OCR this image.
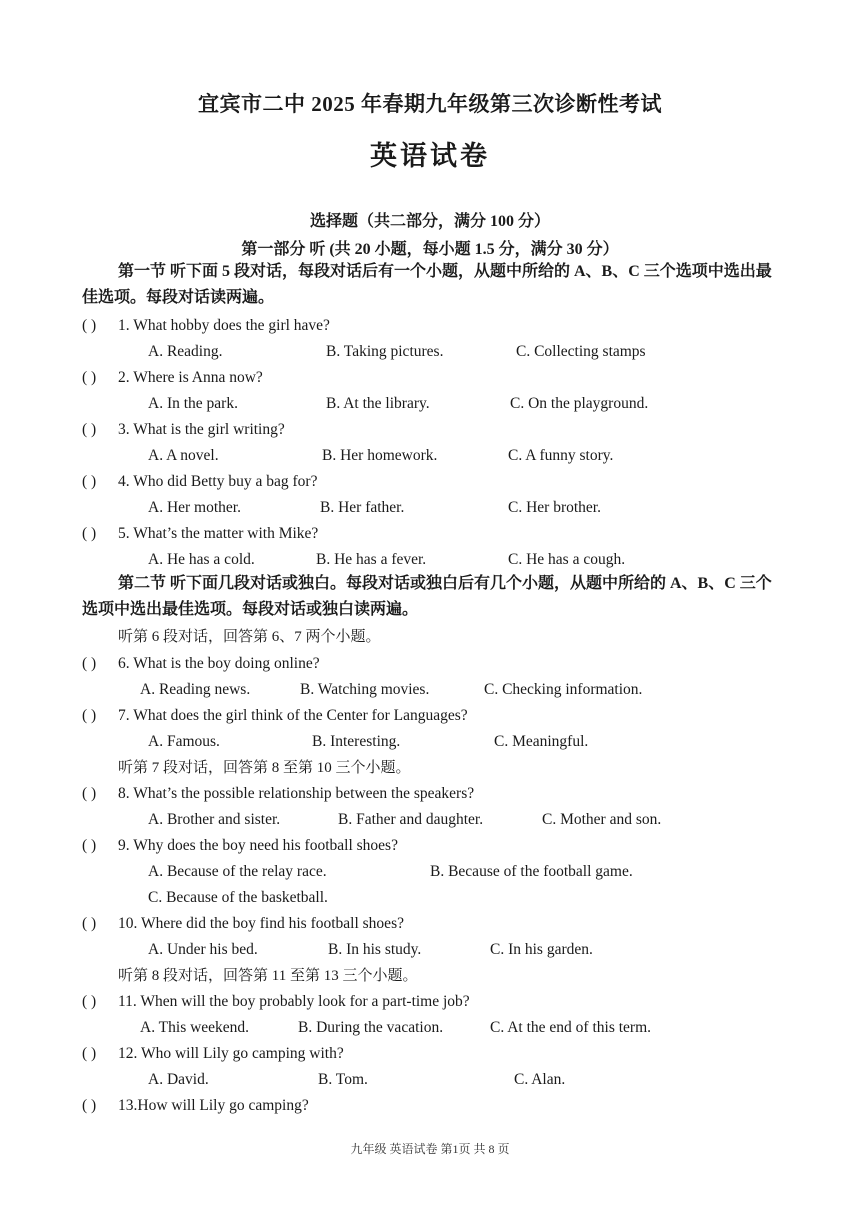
宜宾市二中 2025 年春期九年级第三次诊断性考试
英语试卷
选择题（共二部分，满分 100 分）
第一部分 听 (共 20 小题，每小题 1.5 分，满分 30 分）
第一节 听下面 5 段对话，每段对话后有一个小题，从题中所给的 A、B、C 三个选项中选出最佳选项。每段对话读两遍。
( ) 1. What hobby does the girl have?
A. Reading.	B. Taking pictures.	C. Collecting stamps
( ) 2. Where is Anna now?
A. In the park.	B. At the library.	C. On the playground.
( ) 3. What is the girl writing?
A. A novel.	B. Her homework.	C. A funny story.
( ) 4. Who did Betty buy a bag for?
A. Her mother.	B. Her father.	C. Her brother.
( ) 5. What’s the matter with Mike?
A. He has a cold.	B. He has a fever.	C. He has a cough.
第二节 听下面几段对话或独白。每段对话或独白后有几个小题，从题中所给的 A、B、C 三个选项中选出最佳选项。每段对话或独白读两遍。
听第 6 段对话，回答第 6、7 两个小题。
( ) 6. What is the boy doing online?
A. Reading news.	B. Watching movies.	C. Checking information.
( ) 7. What does the girl think of the Center for Languages?
A. Famous.	B. Interesting.	C. Meaningful.
听第 7 段对话，回答第 8 至第 10 三个小题。
( ) 8. What’s the possible relationship between the speakers?
A. Brother and sister.	B. Father and daughter.	C. Mother and son.
( ) 9. Why does the boy need his football shoes?
A. Because of the relay race.	B. Because of the football game.
C. Because of the basketball.
( ) 10. Where did the boy find his football shoes?
A. Under his bed.	B. In his study.	C. In his garden.
听第 8 段对话，回答第 11 至第 13 三个小题。
( ) 11. When will the boy probably look for a part-time job?
A. This weekend.	B. During the vacation.	C. At the end of this term.
( ) 12. Who will Lily go camping with?
A. David.	B. Tom.	C. Alan.
( ) 13.How will Lily go camping?
九年级 英语试卷 第1页 共 8 页
